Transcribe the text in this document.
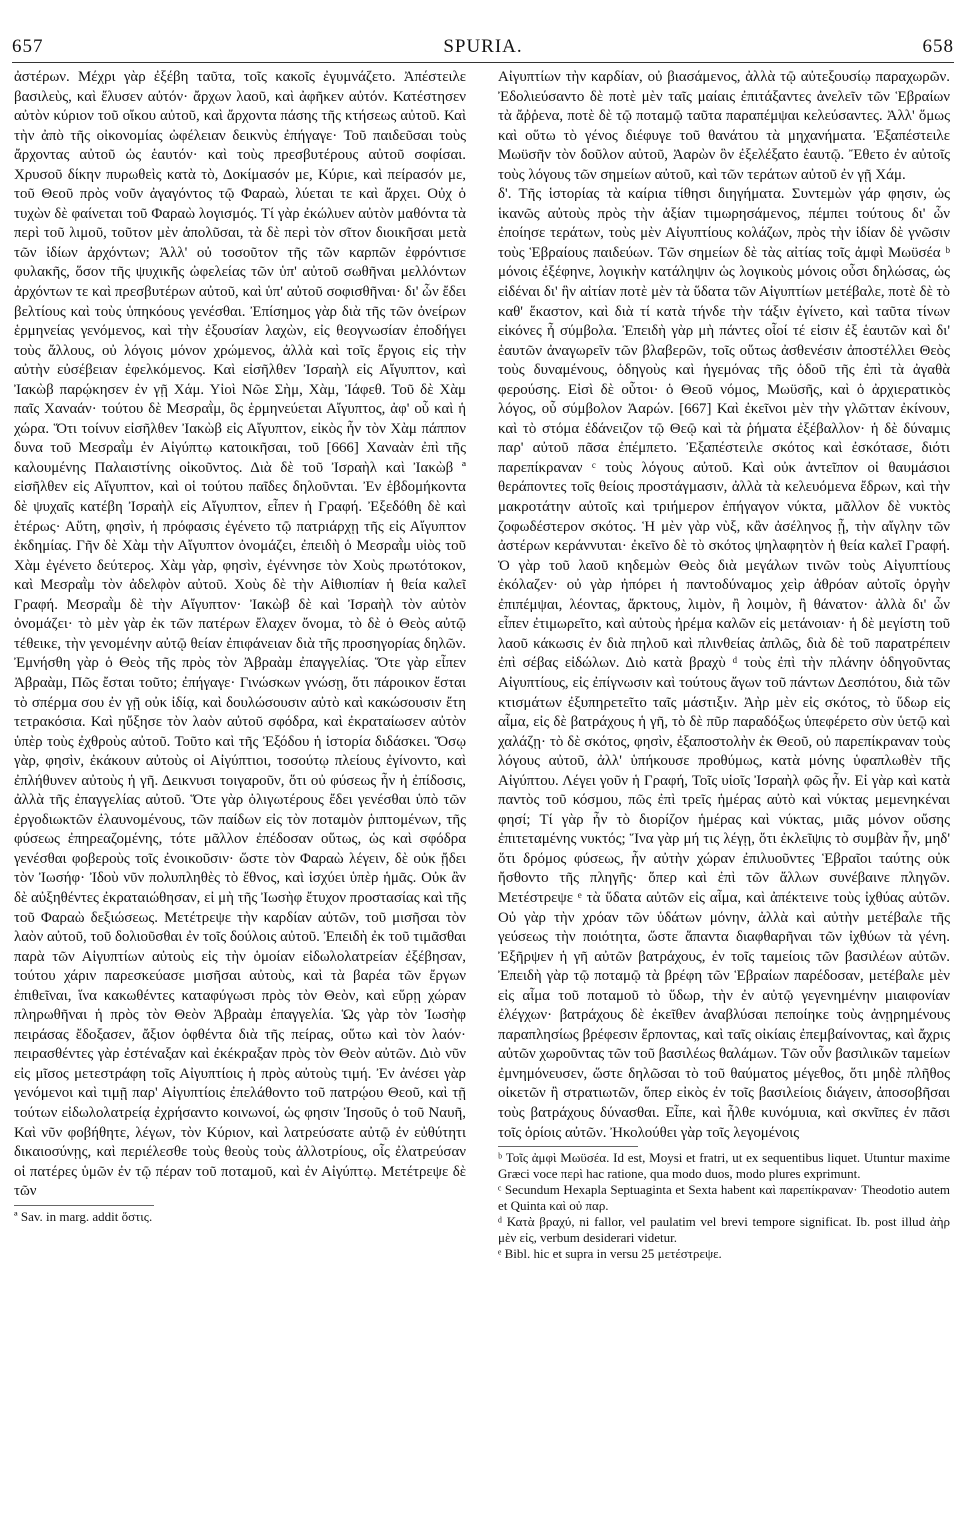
657	SPURIA.	658

ἀστέρων. Μέχρι γὰρ ἐξέβη ταῦτα, τοῖς κακοῖς ἐγυμνάζετο. Ἀπέστειλε βασιλεὺς, καὶ ἔλυσεν αὐτόν· ἄρχων λαοῦ, καὶ ἀφῆκεν αὐτόν. Κατέστησεν αὐτὸν κύριον τοῦ οἴκου αὐτοῦ, καὶ ἄρχοντα πάσης τῆς κτήσεως αὐτοῦ. Καὶ τὴν ἀπὸ τῆς οἰκονομίας ὠφέλειαν δεικνὺς ἐπήγαγε· Τοῦ παιδεῦσαι τοὺς ἄρχοντας αὐτοῦ ὡς ἑαυτόν· καὶ τοὺς πρεσβυτέρους αὐτοῦ σοφίσαι. Χρυσοῦ δίκην πυρωθεὶς κατὰ τὸ, Δοκίμασόν με, Κύριε, καὶ πείρασόν με, τοῦ Θεοῦ πρὸς νοῦν ἀγαγόντος τῷ Φαραὼ, λύεται τε καὶ ἄρχει. Οὐχ ὁ τυχὼν δὲ φαίνεται τοῦ Φαραὼ λογισμός. Τί γὰρ ἐκώλυεν αὐτὸν μαθόντα τὰ περὶ τοῦ λιμοῦ, τοῦτον μὲν ἀπολῦσαι, τὰ δὲ περὶ τὸν σῖτον διοικῆσαι μετὰ τῶν ἰδίων ἀρχόντων; Ἀλλ' οὐ τοσοῦτον τῆς τῶν καρπῶν ἐφρόντισε φυλακῆς, ὅσον τῆς ψυχικῆς ὠφελείας τῶν ὑπ' αὐτοῦ σωθῆναι μελλόντων ἀρχόντων τε καὶ πρεσβυτέρων αὐτοῦ, καὶ ὑπ' αὐτοῦ σοφισθῆναι· δι' ὧν ἔδει βελτίους καὶ τοὺς ὑπηκόους γενέσθαι. Ἐπίσημος γὰρ διὰ τῆς τῶν ὀνείρων ἑρμηνείας γενόμενος, καὶ τὴν ἐξουσίαν λαχὼν, εἰς θεογνωσίαν ἐποδήγει τοὺς ἄλλους, οὐ λόγοις μόνον χρώμενος, ἀλλὰ καὶ τοῖς ἔργοις εἰς τὴν αὐτὴν εὐσέβειαν ἐφελκόμενος. Καὶ εἰσῆλθεν Ἰσραὴλ εἰς Αἴγυπτον, καὶ Ἰακὼβ παρῴκησεν ἐν γῇ Χάμ. Υἱοὶ Νῶε Σὴμ, Χὰμ, Ἰάφεθ. Τοῦ δὲ Χὰμ παῖς Χαναάν· τούτου δὲ Μεσραῒμ, ὃς ἑρμηνεύεται Αἴγυπτος, ἀφ' οὗ καὶ ἡ χώρα. Ὅτι τοίνυν εἰσῆλθεν Ἰακὼβ εἰς Αἴγυπτον, εἰκὸς ἦν τὸν Χὰμ πάππον δυνα τοῦ Μεσραῒμ ἐν Αἰγύπτῳ κατοικῆσαι, τοῦ [666] Χαναὰν ἐπὶ τῆς καλουμένης Παλαιστίνης οἰκοῦντος. Διὰ δὲ τοῦ Ἰσραὴλ καὶ Ἰακὼβ ª εἰσῆλθεν εἰς Αἴγυπτον, καὶ οἱ τούτου παῖδες δηλοῦνται. Ἐν ἑβδομήκοντα δὲ ψυχαῖς κατέβη Ἰσραὴλ εἰς Αἴγυπτον, εἶπεν ἡ Γραφή. Ἐξεδόθη δὲ καὶ ἑτέρως· Αὕτη, φησὶν, ἡ πρόφασις ἐγένετο τῷ πατριάρχῃ τῆς εἰς Αἴγυπτον ἐκδημίας. Γῆν δὲ Χὰμ τὴν Αἴγυπτον ὀνομάζει, ἐπειδὴ ὁ Μεσραῒμ υἱὸς τοῦ Χὰμ ἐγένετο δεύτερος. Χὰμ γὰρ, φησὶν, ἐγέννησε τὸν Χοὺς πρωτότοκον, καὶ Μεσραῒμ τὸν ἀδελφὸν αὐτοῦ. Χοὺς δὲ τὴν Αἰθιοπίαν ἡ θεία καλεῖ Γραφή. Μεσραῒμ δὲ τὴν Αἴγυπτον· Ἰακὼβ δὲ καὶ Ἰσραὴλ τὸν αὐτὸν ὀνομάζει· τὸ μὲν γὰρ ἐκ τῶν πατέρων ἔλαχεν ὄνομα, τὸ δὲ ὁ Θεὸς αὐτῷ τέθεικε, τὴν γενομένην αὐτῷ θείαν ἐπιφάνειαν διὰ τῆς προσηγορίας δηλῶν. Ἐμνήσθη γὰρ ὁ Θεὸς τῆς πρὸς τὸν Ἀβραὰμ ἐπαγγελίας. Ὅτε γὰρ εἶπεν Ἀβραὰμ, Πῶς ἔσται τοῦτο; ἐπήγαγε· Γινώσκων γνώσῃ, ὅτι πάροικον ἔσται τὸ σπέρμα σου ἐν γῇ οὐκ ἰδίᾳ, καὶ δουλώσουσιν αὐτὸ καὶ κακώσουσιν ἔτη τετρακόσια. Καὶ ηὔξησε τὸν λαὸν αὐτοῦ σφόδρα, καὶ ἐκραταίωσεν αὐτὸν ὑπὲρ τοὺς ἐχθροὺς αὐτοῦ. Τοῦτο καὶ τῆς Ἐξόδου ἡ ἱστορία διδάσκει. Ὅσῳ γὰρ, φησὶν, ἐκάκουν αὐτοὺς οἱ Αἰγύπτιοι, τοσούτῳ πλείους ἐγίνοντο, καὶ ἐπλήθυνεν αὐτοὺς ἡ γῆ. Δεικνυσι τοιγαροῦν, ὅτι οὐ φύσεως ἦν ἡ ἐπίδοσις, ἀλλὰ τῆς ἐπαγγελίας αὐτοῦ. Ὅτε γὰρ ὀλιγωτέρους ἔδει γενέσθαι ὑπὸ τῶν ἐργοδιωκτῶν ἐλαυνομένους, τῶν παίδων εἰς τὸν ποταμὸν ῥιπτομένων, τῆς φύσεως ἐπηρεαζομένης, τότε μᾶλλον ἐπέδοσαν οὕτως, ὡς καὶ σφόδρα γενέσθαι φοβεροὺς τοῖς ἐνοικοῦσιν· ὥστε τὸν Φαραὼ λέγειν, δὲ οὐκ ᾔδει τὸν Ἰωσήφ· Ἰδοὺ νῦν πολυπληθὲς τὸ ἔθνος, καὶ ἰσχύει ὑπὲρ ἡμᾶς. Οὐκ ἂν δὲ αὐξηθέντες ἐκραταιώθησαν, εἰ μὴ τῆς Ἰωσὴφ ἔτυχον προστασίας καὶ τῆς τοῦ Φαραὼ δεξιώσεως. Μετέτρεψε τὴν καρδίαν αὐτῶν, τοῦ μισῆσαι τὸν λαὸν αὐτοῦ, τοῦ δολιοῦσθαι ἐν τοῖς δούλοις αὐτοῦ. Ἐπειδὴ ἐκ τοῦ τιμᾶσθαι παρὰ τῶν Αἰγυπτίων αὐτοὺς εἰς τὴν ὁμοίαν εἰδωλολατρείαν ἐξέβησαν, τούτου χάριν παρεσκεύασε μισῆσαι αὐτοὺς, καὶ τὰ βαρέα τῶν ἔργων ἐπιθεῖναι, ἵνα κακωθέντες καταφύγωσι πρὸς τὸν Θεὸν, καὶ εὕρῃ χώραν πληρωθῆναι ἡ πρὸς τὸν Θεὸν Ἀβραὰμ ἐπαγγελία. Ὡς γὰρ τὸν Ἰωσὴφ πειράσας ἔδοξασεν, ἄξιον ὀφθέντα διὰ τῆς πείρας, οὕτω καὶ τὸν λαόν· πειρασθέντες γὰρ ἐστέναξαν καὶ ἐκέκραξαν πρὸς τὸν Θεὸν αὐτῶν. Διὸ νῦν εἰς μῖσος μετεστράφη τοῖς Αἰγυπτίοις ἡ πρὸς αὐτοὺς τιμή. Ἐν ἀνέσει γὰρ γενόμενοι καὶ τιμῇ παρ' Αἰγυπτίοις ἐπελάθοντο τοῦ πατρῴου Θεοῦ, καὶ τῇ τούτων εἰδωλολατρείᾳ ἐχρήσαντο κοινωνοί, ὡς φησιν Ἰησοῦς ὁ τοῦ Ναυῆ, Καὶ νῦν φοβήθητε, λέγων, τὸν Κύριον, καὶ λατρεύσατε αὐτῷ ἐν εὐθύτητι δικαιοσύνῃς, καὶ περιέλεσθε τοὺς θεοὺς τοὺς ἀλλοτρίους, οἷς ἐλατρεύσαν οἱ πατέρες ὑμῶν ἐν τῷ πέραν τοῦ ποταμοῦ, καὶ ἐν Αἰγύπτῳ. Μετέτρεψε δὲ τῶν

ª Sav. in marg. addit ὅστις.

Αἰγυπτίων τὴν καρδίαν, οὐ βιασάμενος, ἀλλὰ τῷ αὐτεξουσίῳ παραχωρῶν. Ἐδολιεύσαντο δὲ ποτὲ μὲν ταῖς μαίαις ἐπιτάξαντες ἀνελεῖν τῶν Ἑβραίων τὰ ἄῤῥενα, ποτὲ δὲ τῷ ποταμῷ ταῦτα παραπέμψαι κελεύσαντες. Ἀλλ' ὅμως καὶ οὕτω τὸ γένος διέφυγε τοῦ θανάτου τὰ μηχανήματα. Ἐξαπέστειλε Μωϋσῆν τὸν δοῦλον αὐτοῦ, Ἀαρὼν ὃν ἐξελέξατο ἑαυτῷ. Ἔθετο ἐν αὐτοῖς τοὺς λόγους τῶν σημείων αὐτοῦ, καὶ τῶν τεράτων αὐτοῦ ἐν γῇ Χάμ.
δ'. Τῆς ἱστορίας τὰ καίρια τίθησι διηγήματα. Συντεμὼν γάρ φησιν, ὡς ἱκανῶς αὐτοὺς πρὸς τὴν ἀξίαν τιμωρησάμενος, πέμπει τούτους δι' ὧν ἐποίησε τεράτων, τοὺς μὲν Αἰγυπτίους κολάζων, πρὸς τὴν ἰδίαν δὲ γνῶσιν τοὺς Ἑβραίους παιδεύων. Τῶν σημείων δὲ τὰς αἰτίας τοῖς ἀμφὶ Μωϋσέα ᵇ μόνοις ἐξέφηνε, λογικὴν κατάληψιν ὡς λογικοὺς μόνοις οὖσι δηλώσας, ὡς εἰδέναι δι' ἣν αἰτίαν ποτὲ μὲν τὰ ὕδατα τῶν Αἰγυπτίων μετέβαλε, ποτὲ δὲ τὸ καθ' ἕκαστον, καὶ διὰ τί κατὰ τήνδε τὴν τάξιν ἐγίνετο, καὶ ταῦτα τίνων εἰκόνες ἦ σύμβολα. Ἐπειδὴ γὰρ μὴ πάντες οἷοί τέ εἰσιν ἐξ ἑαυτῶν καὶ δι' ἑαυτῶν ἀναγωρεῖν τῶν βλαβερῶν, τοῖς οὕτως ἀσθενέσιν ἀποστέλλει Θεὸς τοὺς δυναμένους, ὁδηγοὺς καὶ ἡγεμόνας τῆς ὁδοῦ τῆς ἐπὶ τὰ ἀγαθὰ φερούσης. Εἰσὶ δὲ οὗτοι· ὁ Θεοῦ νόμος, Μωϋσῆς, καὶ ὁ ἀρχιερατικὸς λόγος, οὗ σύμβολον Ἀαρών. [667] Καὶ ἐκεῖνοι μὲν τὴν γλῶτταν ἐκίνουν, καὶ τὸ στόμα ἐδάνειζον τῷ Θεῷ καὶ τὰ ῥήματα ἐξέβαλλον· ἡ δὲ δύναμις παρ' αὐτοῦ πᾶσα ἐπέμπετο. Ἐξαπέστειλε σκότος καὶ ἐσκότασε, διότι παρεπίκραναν ᶜ τοὺς λόγους αὐτοῦ. Καὶ οὐκ ἀντεῖπον οἱ θαυμάσιοι θεράποντες τοῖς θείοις προστάγμασιν, ἀλλὰ τὰ κελευόμενα ἔδρων, καὶ τὴν μακροτάτην αὐτοῖς καὶ τριήμερον ἐπήγαγον νύκτα, μᾶλλον δὲ νυκτὸς ζοφωδέστερον σκότος. Ἡ μὲν γὰρ νὺξ, κἂν ἀσέληνος ᾖ, τὴν αἴγλην τῶν ἀστέρων κεράννυται· ἐκεῖνο δὲ τὸ σκότος ψηλαφητὸν ἡ θεία καλεῖ Γραφή. Ὁ γὰρ τοῦ λαοῦ κηδεμὼν Θεὸς διὰ μεγάλων τινῶν τοὺς Αἰγυπτίους ἐκόλαζεν· οὐ γὰρ ἠπόρει ἡ παντοδύναμος χεὶρ ἀθρόαν αὐτοῖς ὀργὴν ἐπιπέμψαι, λέοντας, ἄρκτους, λιμὸν, ἢ λοιμὸν, ἢ θάνατον· ἀλλὰ δι' ὧν εἶπεν ἐτιμωρεῖτο, καὶ αὐτοὺς ἠρέμα καλῶν εἰς μετάνοιαν· ἡ δὲ μεγίστη τοῦ λαοῦ κάκωσις ἐν διὰ πηλοῦ καὶ πλινθείας ἀπλῶς, διὰ δὲ τοῦ παρατρέπειν ἐπὶ σέβας εἰδώλων. Διὸ κατὰ βραχὺ ᵈ τοὺς ἐπὶ τὴν πλάνην ὁδηγοῦντας Αἰγυπτίους, εἰς ἐπίγνωσιν καὶ τούτους ἄγων τοῦ πάντων Δεσπότου, διὰ τῶν κτισμάτων ἐξυπηρετεῖτο ταῖς μάστιξιν. Ἀὴρ μὲν εἰς σκότος, τὸ ὕδωρ εἰς αἷμα, εἰς δὲ βατράχους ἡ γῆ, τὸ δὲ πῦρ παραδόξως ὑπεφέρετο σὺν ὑετῷ καὶ χαλάζῃ· τὸ δὲ σκότος, φησὶν, ἐξαποστολὴν ἐκ Θεοῦ, οὐ παρεπίκραναν τοὺς λόγους αὐτοῦ, ἀλλ' ὑπήκουσε προθύμως, κατὰ μόνης ὑφαπλωθὲν τῆς Αἰγύπτου. Λέγει γοῦν ἡ Γραφή, Τοῖς υἱοῖς Ἰσραὴλ φῶς ἦν. Εἰ γὰρ καὶ κατὰ παντὸς τοῦ κόσμου, πῶς ἐπὶ τρεῖς ἡμέρας αὐτὸ καὶ νύκτας μεμενηκέναι φησί; Τί γὰρ ἦν τὸ διορίζον ἡμέρας καὶ νύκτας, μιᾶς μόνον οὔσης ἐπιτεταμένης νυκτός; Ἵνα γὰρ μή τις λέγῃ, ὅτι ἐκλεῖψις τὸ συμβὰν ἦν, μηδ' ὅτι δρόμος φύσεως, ἦν αὐτὴν χώραν ἐπιλυοῦντες Ἑβραῖοι ταύτης οὐκ ἤσθοντο τῆς πληγῆς· ὅπερ καὶ ἐπὶ τῶν ἄλλων συνέβαινε πληγῶν. Μετέστρεψε ᵉ τὰ ὕδατα αὐτῶν εἰς αἷμα, καὶ ἀπέκτεινε τοὺς ἰχθύας αὐτῶν. Οὐ γὰρ τὴν χρόαν τῶν ὑδάτων μόνην, ἀλλὰ καὶ αὐτὴν μετέβαλε τῆς γεύσεως τὴν ποιότητα, ὥστε ἅπαντα διαφθαρῆναι τῶν ἰχθύων τὰ γένη. Ἐξῆρψεν ἡ γῆ αὐτῶν βατράχους, ἐν τοῖς ταμείοις τῶν βασιλέων αὐτῶν. Ἐπειδὴ γὰρ τῷ ποταμῷ τὰ βρέφη τῶν Ἑβραίων παρέδοσαν, μετέβαλε μὲν εἰς αἷμα τοῦ ποταμοῦ τὸ ὕδωρ, τὴν ἐν αὐτῷ γεγενημένην μιαιφονίαν ἐλέγχων· βατράχους δὲ ἐκεῖθεν ἀναβλύσαι πεποίηκε τοὺς ἀνῃρημένους παραπλησίως βρέφεσιν ἕρποντας, καὶ ταῖς οἰκίαις ἐπεμβαίνοντας, καὶ ἄχρις αὐτῶν χωροῦντας τῶν τοῦ βασιλέως θαλάμων. Τῶν οὖν βασιλικῶν ταμείων ἐμνημόνευσεν, ὥστε δηλῶσαι τὸ τοῦ θαύματος μέγεθος, ὅτι μηδὲ πλῆθος οἰκετῶν ἢ στρατιωτῶν, ὅπερ εἰκὸς ἐν τοῖς βασιλείοις διάγειν, ἀποσοβῆσαι τοὺς βατράχους δύνασθαι. Εἶπε, καὶ ἦλθε κυνόμυια, καὶ σκνῖπες ἐν πᾶσι τοῖς ὁρίοις αὐτῶν. Ἠκολούθει γὰρ τοῖς λεγομένοις

ᵇ Τοῖς ἀμφὶ Μωϋσέα. Id est, Moysi et fratri, ut ex sequentibus liquet. Utuntur maxime Græci voce περὶ hac ratione, qua modo duos, modo plures exprimunt.

ᶜ Secundum Hexapla Septuaginta et Sexta habent καὶ παρεπίκραναν· Theodotio autem et Quinta καὶ οὐ παρ.

ᵈ Κατὰ βραχύ, ni fallor, vel paulatim vel brevi tempore significat. Ib. post illud ἀὴρ μὲν εἰς, verbum desiderari videtur.

ᵉ Bibl. hic et supra in versu 25 μετέστρεψε.
